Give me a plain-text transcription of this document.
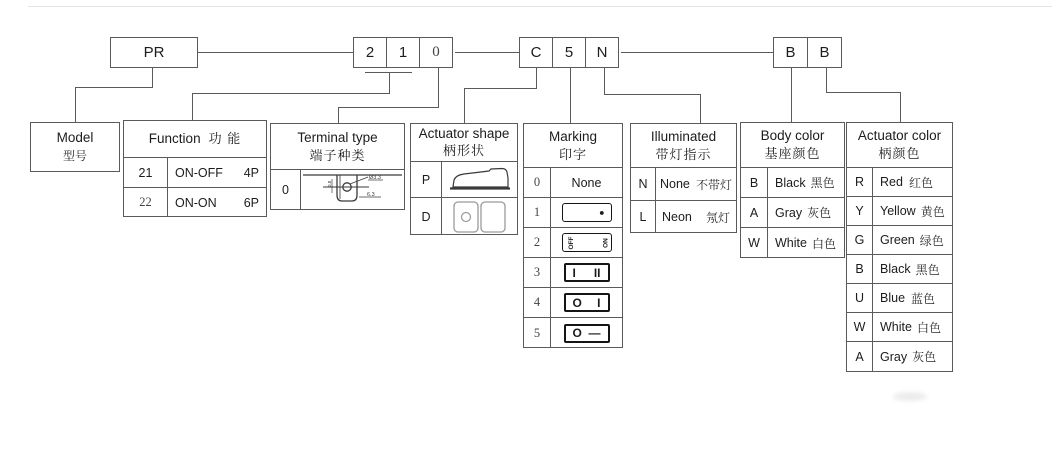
PR	2 1 0	C 5 N	B B
Model
型号
Function 功 能
21	ON-OFF 4P
22	ON-ON 6P
Terminal type
端子种类
0
Ø3.3
6.3
0.8
Actuator shape
柄形状
P
D
Marking
印字
0	None
1	●
2	OFF	ON
3	I II
4	O I
5	O —
Illuminated
带灯指示
N None 不带灯
L	Neon 氖灯
Body color
基座颜色
B	Black 黑色
A	Gray 灰色
W	White 白色
Actuator color
柄颜色
R	Red 红色
Y	Yellow 黄色
G	Green 绿色
B	Black 黑色
U	Blue 蓝色
W	White 白色
A	Gray 灰色
